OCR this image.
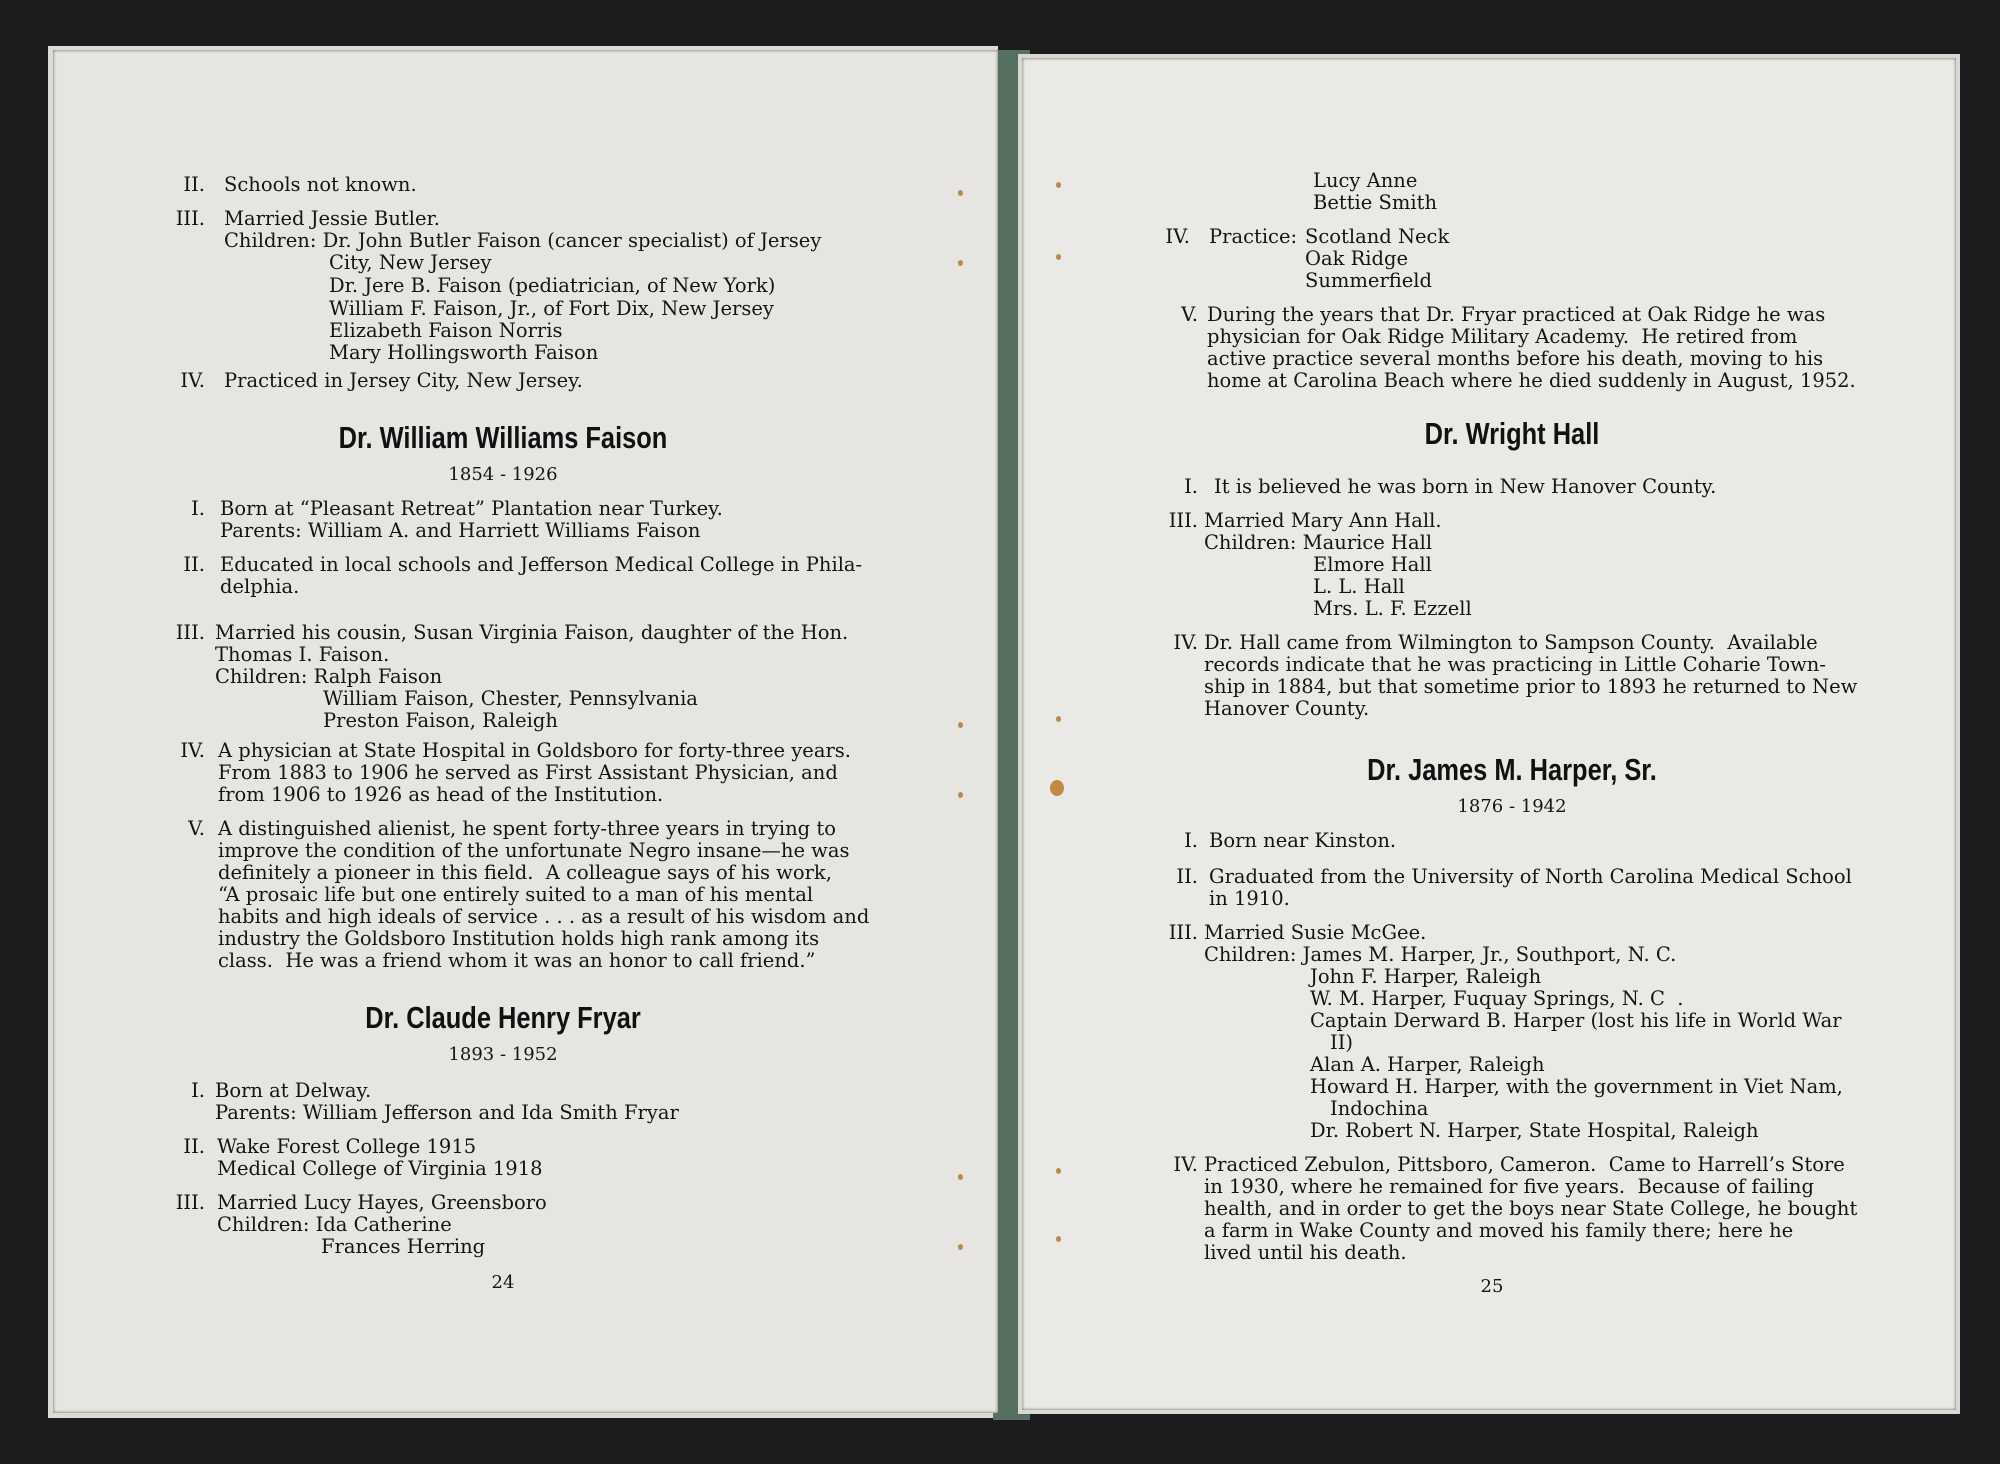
II. Schools not known.
III. Married Jessie Butler.
Children: Dr. John Butler Faison (cancer specialist) of Jersey
City, New Jersey
Dr. Jere B. Faison (pediatrician, of New York)
William F. Faison, Jr., of Fort Dix, New Jersey
Elizabeth Faison Norris
Mary Hollingsworth Faison
IV. Practiced in Jersey City, New Jersey.
Dr. William Williams Faison
1854 - 1926
I. Born at “Pleasant Retreat” Plantation near Turkey.
Parents: William A. and Harriett Williams Faison
II. Educated in local schools and Jefferson Medical College in Phila-
delphia.
III. Married his cousin, Susan Virginia Faison, daughter of the Hon.
Thomas I. Faison.
Children: Ralph Faison
William Faison, Chester, Pennsylvania
Preston Faison, Raleigh
IV. A physician at State Hospital in Goldsboro for forty-three years.
From 1883 to 1906 he served as First Assistant Physician, and
from 1906 to 1926 as head of the Institution.
V. A distinguished alienist, he spent forty-three years in trying to
improve the condition of the unfortunate Negro insane—he was
definitely a pioneer in this field.  A colleague says of his work,
“A prosaic life but one entirely suited to a man of his mental
habits and high ideals of service . . . as a result of his wisdom and
industry the Goldsboro Institution holds high rank among its
class.  He was a friend whom it was an honor to call friend.”
Dr. Claude Henry Fryar
1893 - 1952
I. Born at Delway.
Parents: William Jefferson and Ida Smith Fryar
II. Wake Forest College 1915
Medical College of Virginia 1918
III. Married Lucy Hayes, Greensboro
Children: Ida Catherine
Frances Herring
24
Lucy Anne
Bettie Smith
IV. Practice: Scotland Neck
Oak Ridge
Summerfield
V. During the years that Dr. Fryar practiced at Oak Ridge he was
physician for Oak Ridge Military Academy.  He retired from
active practice several months before his death, moving to his
home at Carolina Beach where he died suddenly in August, 1952.
Dr. Wright Hall
I. It is believed he was born in New Hanover County.
III. Married Mary Ann Hall.
Children: Maurice Hall
Elmore Hall
L. L. Hall
Mrs. L. F. Ezzell
IV. Dr. Hall came from Wilmington to Sampson County.  Available
records indicate that he was practicing in Little Coharie Town-
ship in 1884, but that sometime prior to 1893 he returned to New
Hanover County.
Dr. James M. Harper, Sr.
1876 - 1942
I. Born near Kinston.
II. Graduated from the University of North Carolina Medical School
in 1910.
III. Married Susie McGee.
Children: James M. Harper, Jr., Southport, N. C.
John F. Harper, Raleigh
W. M. Harper, Fuquay Springs, N. C  .
Captain Derward B. Harper (lost his life in World War
II)
Alan A. Harper, Raleigh
Howard H. Harper, with the government in Viet Nam,
Indochina
Dr. Robert N. Harper, State Hospital, Raleigh
IV. Practiced Zebulon, Pittsboro, Cameron.  Came to Harrell’s Store
in 1930, where he remained for five years.  Because of failing
health, and in order to get the boys near State College, he bought
a farm in Wake County and moved his family there; here he
lived until his death.
25
